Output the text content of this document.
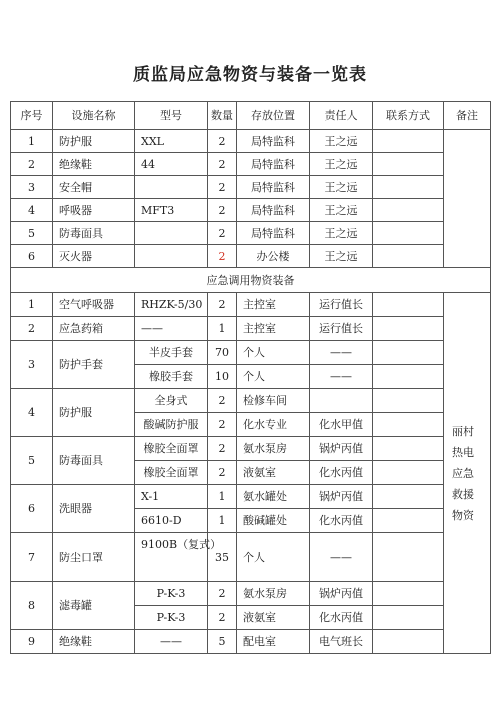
质监局应急物资与装备一览表
序号	设施名称	型号	数量	存放位置	责任人	联系方式	备注
1	防护服	XXL	2	局特监科	王之远		
2	绝缘鞋	44	2	局特监科	王之远		
3	安全帽		2	局特监科	王之远		
4	呼吸器	MFT3	2	局特监科	王之远		
5	防毒面具		2	局特监科	王之远		
6	灭火器		2	办公楼	王之远		
应急调用物资装备							
1	空气呼吸器	RHZK-5/30	2	主控室	运行值长		丽村热电应急救援物资
2	应急药箱	——	1	主控室	运行值长		
3	防护手套	半皮手套	70	个人	——		
		橡胶手套	10	个人	——		
4	防护服	全身式	2	检修车间			
		酸碱防护服	2	化水专业	化水甲值		
5	防毒面具	橡胶全面罩	2	氨水泵房	锅炉丙值		
		橡胶全面罩	2	液氨室	化水丙值		
6	洗眼器	X-1	1	氨水罐处	锅炉丙值		
		6610-D	1	酸碱罐处	化水丙值		
7	防尘口罩	9100B（复式）	35	个人	——		
8	滤毒罐	P-K-3	2	氨水泵房	锅炉丙值		
		P-K-3	2	液氨室	化水丙值		
9	绝缘鞋	——	5	配电室	电气班长		
